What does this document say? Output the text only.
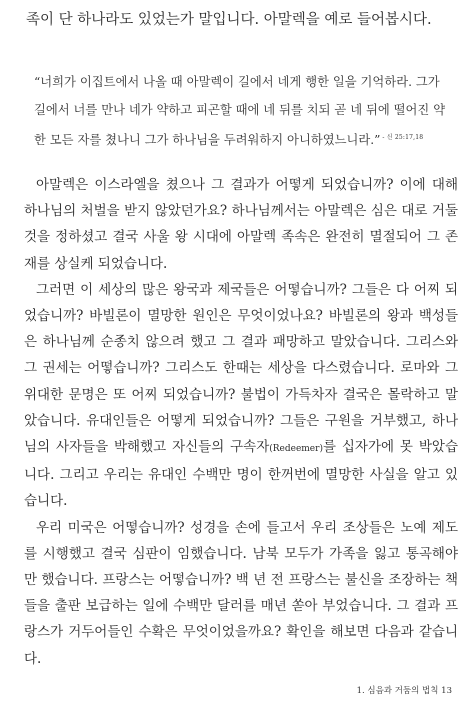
족이 단 하나라도 있었는가 말입니다. 아말렉을 예로 들어봅시다.

“너희가 이집트에서 나올 때 아말렉이 길에서 네게 행한 일을 기억하라. 그가 길에서 너를 만나 네가 약하고 피곤할 때에 네 뒤를 치되 곧 네 뒤에 떨어진 약한 모든 자를 쳤나니 그가 하나님을 두려워하지 아니하였느니라.” $^{- 신 25:17,18}$

아말렉은 이스라엘을 쳤으나 그 결과가 어떻게 되었습니까? 이에 대해 하나님의 처벌을 받지 않았던가요? 하나님께서는 아말렉은 심은 대로 거둘 것을 정하셨고 결국 사울 왕 시대에 아말렉 족속은 완전히 멸절되어 그 존재를 상실케 되었습니다.

그러면 이 세상의 많은 왕국과 제국들은 어떻습니까? 그들은 다 어찌 되었습니까? 바빌론이 멸망한 원인은 무엇이었나요? 바빌론의 왕과 백성들은 하나님께 순종치 않으려 했고 그 결과 패망하고 말았습니다. 그리스와 그 권세는 어떻습니까? 그리스도 한때는 세상을 다스렸습니다. 로마와 그 위대한 문명은 또 어찌 되었습니까? 불법이 가득차자 결국은 몰락하고 말았습니다. 유대인들은 어떻게 되었습니까? 그들은 구원을 거부했고, 하나님의 사자들을 박해했고 자신들의 구속자(Redeemer)를 십자가에 못 박았습니다. 그리고 우리는 유대인 수백만 명이 한꺼번에 멸망한 사실을 알고 있습니다.

우리 미국은 어떻습니까? 성경을 손에 들고서 우리 조상들은 노예 제도를 시행했고 결국 심판이 임했습니다. 남북 모두가 가족을 잃고 통곡해야만 했습니다. 프랑스는 어떻습니까? 백 년 전 프랑스는 불신을 조장하는 책들을 출판 보급하는 일에 수백만 달러를 매년 쏟아 부었습니다. 그 결과 프랑스가 거두어들인 수확은 무엇이었을까요? 확인을 해보면 다음과 같습니다.

1. 심음과 거둠의 법칙 13
